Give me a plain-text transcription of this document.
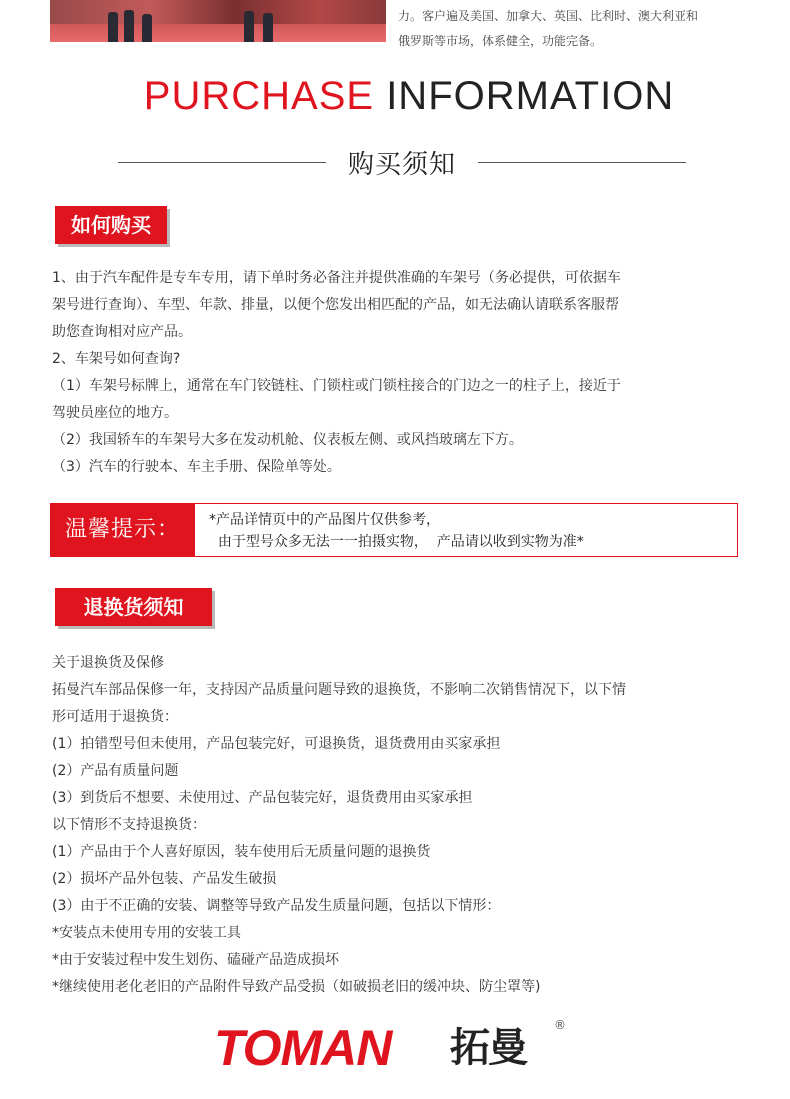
力。客户遍及美国、加拿大、英国、比利时、澳大利亚和

俄罗斯等市场，体系健全，功能完备。

PURCHASE INFORMATION
购买须知
如何购买

1、由于汽车配件是专车专用，请下单时务必备注并提供准确的车架号（务必提供，可依据车

架号进行查询）、车型、年款、排量，以便个您发出相匹配的产品，如无法确认请联系客服帮

助您查询相对应产品。

2、车架号如何查询?

（1）车架号标牌上，通常在车门铰链柱、门锁柱或门锁柱接合的门边之一的柱子上，接近于

驾驶员座位的地方。

（2）我国轿车的车架号大多在发动机舱、仪表板左侧、或风挡玻璃左下方。

（3）汽车的行驶本、车主手册、保险单等处。

温馨提示：	*产品详情页中的产品图片仅供参考，

由于型号众多无法一一拍摄实物，  产品请以收到实物为准*

退换货须知

关于退换货及保修

拓曼汽车部品保修一年，支持因产品质量问题导致的退换货，不影响二次销售情况下，以下情

形可适用于退换货：

(1）拍错型号但未使用，产品包装完好，可退换货，退货费用由买家承担

(2）产品有质量问题

(3）到货后不想要、未使用过、产品包装完好，退货费用由买家承担

以下情形不支持退换货：

(1）产品由于个人喜好原因，装车使用后无质量问题的退换货

(2）损坏产品外包装、产品发生破损

(3）由于不正确的安装、调整等导致产品发生质量问题，包括以下情形：

*安装点未使用专用的安装工具

*由于安装过程中发生划伤、磕碰产品造成损坏

*继续使用老化老旧的产品附件导致产品受损（如破损老旧的缓冲块、防尘罩等)

TOMAN 拓曼 ®
